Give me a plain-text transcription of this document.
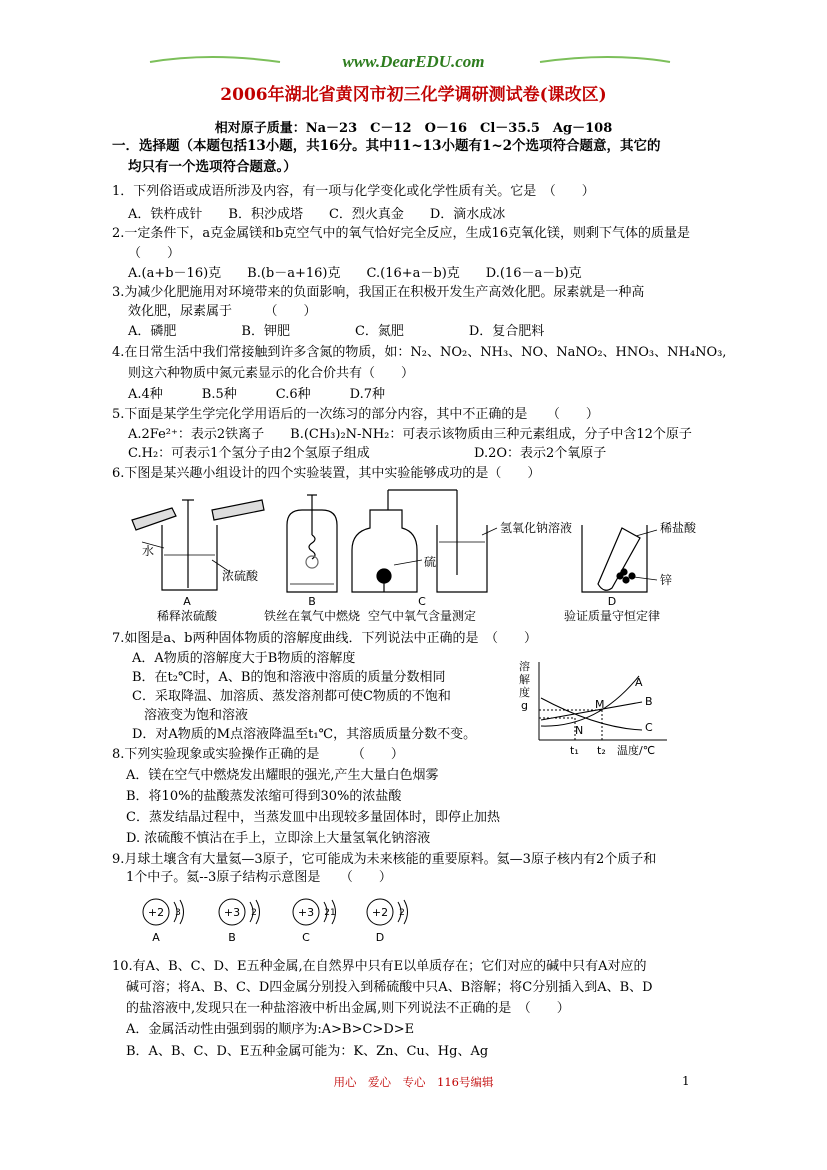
www.DearEDU.com
2006年湖北省黄冈市初三化学调研测试卷(课改区)
相对原子质量：Na－23　C－12　O－16　Cl－35.5　Ag－108
一．选择题（本题包括13小题，共16分。其中11~13小题有1~2个选项符合题意，其它的
均只有一个选项符合题意。）
1．下列俗语或成语所涉及内容，有一项与化学变化或化学性质有关。它是　（　　）
A．铁杵成针　　B．积沙成塔　　C．烈火真金　　D．滴水成冰
2.一定条件下，a克金属镁和b克空气中的氧气恰好完全反应，生成16克氧化镁，则剩下气体的质量是
（　　）
A.(a+b－16)克　　B.(b－a+16)克　　C.(16+a－b)克　　D.(16－a－b)克
3.为减少化肥施用对环境带来的负面影响，我国正在积极开发生产高效化肥。尿素就是一种高
效化肥，尿素属于　　　（　　）
A．磷肥　　　　　B．钾肥　　　　　C．氮肥　　　　　D．复合肥料
4.在日常生活中我们常接触到许多含氮的物质，如：N₂、NO₂、NH₃、NO、NaNO₂、HNO₃、NH₄NO₃,
则这六种物质中氮元素显示的化合价共有（　　）
A.4种　　　B.5种　　　C.6种　　　D.7种
5.下面是某学生学完化学用语后的一次练习的部分内容，其中不正确的是　　（　　）
A.2Fe²⁺：表示2铁离子　　B.(CH₃)₂N-NH₂：可表示该物质由三种元素组成，分子中含12个原子
C.H₂：可表示1个氢分子由2个氢原子组成	D.2O：表示2个氧原子
6.下图是某兴趣小组设计的四个实验装置，其中实验能够成功的是（　　）
水
浓硫酸
硫
氢氧化钠溶液	稀盐酸
锌
A
稀释浓硫酸
B
铁丝在氧气中燃烧
C
空气中氧气含量测定
D
验证质量守恒定律
7.如图是a、b两种固体物质的溶解度曲线．下列说法中正确的是　（　　）
A．A物质的溶解度大于B物质的溶解度
B．在t₂℃时，A、B的饱和溶液中溶质的质量分数相同
C．采取降温、加溶质、蒸发溶剂都可使C物质的不饱和
溶液变为饱和溶液
D．对A物质的M点溶液降温至t₁℃，其溶质质量分数不变。
溶
解
度
g
A
B
C
M
N
t₁ t₂ 温度/℃
8.下列实验现象或实验操作正确的是　　　（　　）
A．镁在空气中燃烧发出耀眼的强光,产生大量白色烟雾
B．将10%的盐酸蒸发浓缩可得到30%的浓盐酸
C．蒸发结晶过程中，当蒸发皿中出现较多量固体时，即停止加热
D. 浓硫酸不慎沾在手上，立即涂上大量氢氧化钠溶液
9.月球土壤含有大量氦—3原子，它可能成为未来核能的重要原料。氦—3原子核内有2个质子和
1个中子。氦--3原子结构示意图是　　（　　）
+2 3
A
+3 2
B
+3 21
C
+2 2
D
10.有A、B、C、D、E五种金属,在自然界中只有E以单质存在；它们对应的碱中只有A对应的
碱可溶；将A、B、C、D四金属分别投入到稀硫酸中只A、B溶解；将C分别插入到A、B、D
的盐溶液中,发现只在一种盐溶液中析出金属,则下列说法不正确的是　（　　）
A．金属活动性由强到弱的顺序为:A>B>C>D>E
B．A、B、C、D、E五种金属可能为：K、Zn、Cu、Hg、Ag
用心　爱心　专心　116号编辑	1
